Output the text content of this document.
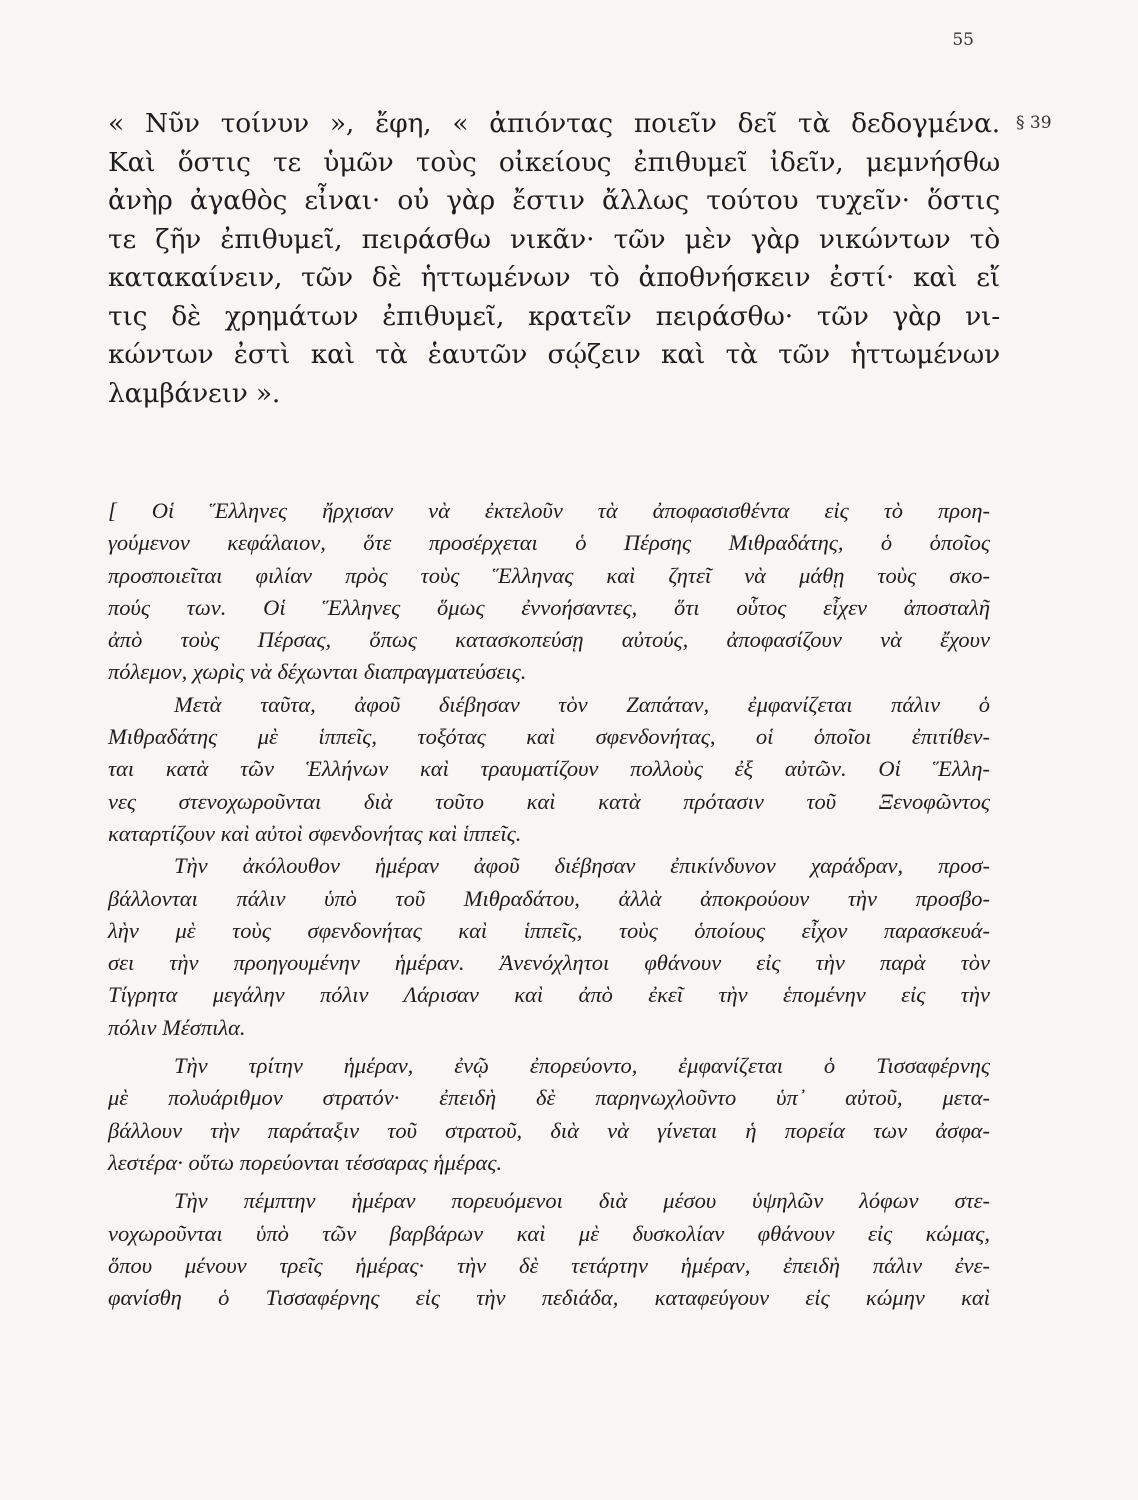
55
§ 39
« Νῦν τοίνυν », ἔφη, « ἀπιόντας ποιεῖν δεῖ τὰ δεδογμένα.
Καὶ ὅστις τε ὑμῶν τοὺς οἰκείους ἐπιθυμεῖ ἰδεῖν, μεμνήσθω
ἀνὴρ ἀγαθὸς εἶναι· οὐ γὰρ ἔστιν ἄλλως τούτου τυχεῖν· ὅστις
τε ζῆν ἐπιθυμεῖ, πειράσθω νικᾶν· τῶν μὲν γὰρ νικώντων τὸ
κατακαίνειν, τῶν δὲ ἡττωμένων τὸ ἀποθνήσκειν ἐστί· καὶ εἴ
τις δὲ χρημάτων ἐπιθυμεῖ, κρατεῖν πειράσθω· τῶν γὰρ νι-
κώντων ἐστὶ καὶ τὰ ἑαυτῶν σῴζειν καὶ τὰ τῶν ἡττωμένων
λαμβάνειν ».
[ Οἱ Ἕλληνες ἤρχισαν νὰ ἐκτελοῦν τὰ ἀποφασισθέντα εἰς τὸ προη-
γούμενον κεφάλαιον, ὅτε προσέρχεται ὁ Πέρσης Μιθραδάτης, ὁ ὁποῖος
προσποιεῖται φιλίαν πρὸς τοὺς Ἕλληνας καὶ ζητεῖ νὰ μάθῃ τοὺς σκο-
πούς των. Οἱ Ἕλληνες ὅμως ἐννοήσαντες, ὅτι οὗτος εἶχεν ἀποσταλῆ
ἀπὸ τοὺς Πέρσας, ὅπως κατασκοπεύσῃ αὐτούς, ἀποφασίζουν νὰ ἔχουν
πόλεμον, χωρὶς νὰ δέχωνται διαπραγματεύσεις.
Μετὰ ταῦτα, ἀφοῦ διέβησαν τὸν Ζαπάταν, ἐμφανίζεται πάλιν ὁ
Μιθραδάτης μὲ ἱππεῖς, τοξότας καὶ σφενδονήτας, οἱ ὁποῖοι ἐπιτίθεν-
ται κατὰ τῶν Ἑλλήνων καὶ τραυματίζουν πολλοὺς ἐξ αὐτῶν. Οἱ Ἕλλη-
νες στενοχωροῦνται διὰ τοῦτο καὶ κατὰ πρότασιν τοῦ Ξενοφῶντος
καταρτίζουν καὶ αὐτοὶ σφενδονήτας καὶ ἱππεῖς.
Τὴν ἀκόλουθον ἡμέραν ἀφοῦ διέβησαν ἐπικίνδυνον χαράδραν, προσ-
βάλλονται πάλιν ὑπὸ τοῦ Μιθραδάτου, ἀλλὰ ἀποκρούουν τὴν προσβο-
λὴν μὲ τοὺς σφενδονήτας καὶ ἱππεῖς, τοὺς ὁποίους εἶχον παρασκευά-
σει τὴν προηγουμένην ἡμέραν. Ἀνενόχλητοι φθάνουν εἰς τὴν παρὰ τὸν
Τίγρητα μεγάλην πόλιν Λάρισαν καὶ ἀπὸ ἐκεῖ τὴν ἑπομένην εἰς τὴν
πόλιν Μέσπιλα.
Τὴν τρίτην ἡμέραν, ἐνῷ ἐπορεύοντο, ἐμφανίζεται ὁ Τισσαφέρνης
μὲ πολυάριθμον στρατόν· ἐπειδὴ δὲ παρηνωχλοῦντο ὑπ᾽ αὐτοῦ, μετα-
βάλλουν τὴν παράταξιν τοῦ στρατοῦ, διὰ νὰ γίνεται ἡ πορεία των ἀσφα-
λεστέρα· οὕτω πορεύονται τέσσαρας ἡμέρας.
Τὴν πέμπτην ἡμέραν πορευόμενοι διὰ μέσου ὑψηλῶν λόφων στε-
νοχωροῦνται ὑπὸ τῶν βαρβάρων καὶ μὲ δυσκολίαν φθάνουν εἰς κώμας,
ὅπου μένουν τρεῖς ἡμέρας· τὴν δὲ τετάρτην ἡμέραν, ἐπειδὴ πάλιν ἐνε-
φανίσθη ὁ Τισσαφέρνης εἰς τὴν πεδιάδα, καταφεύγουν εἰς κώμην καὶ
